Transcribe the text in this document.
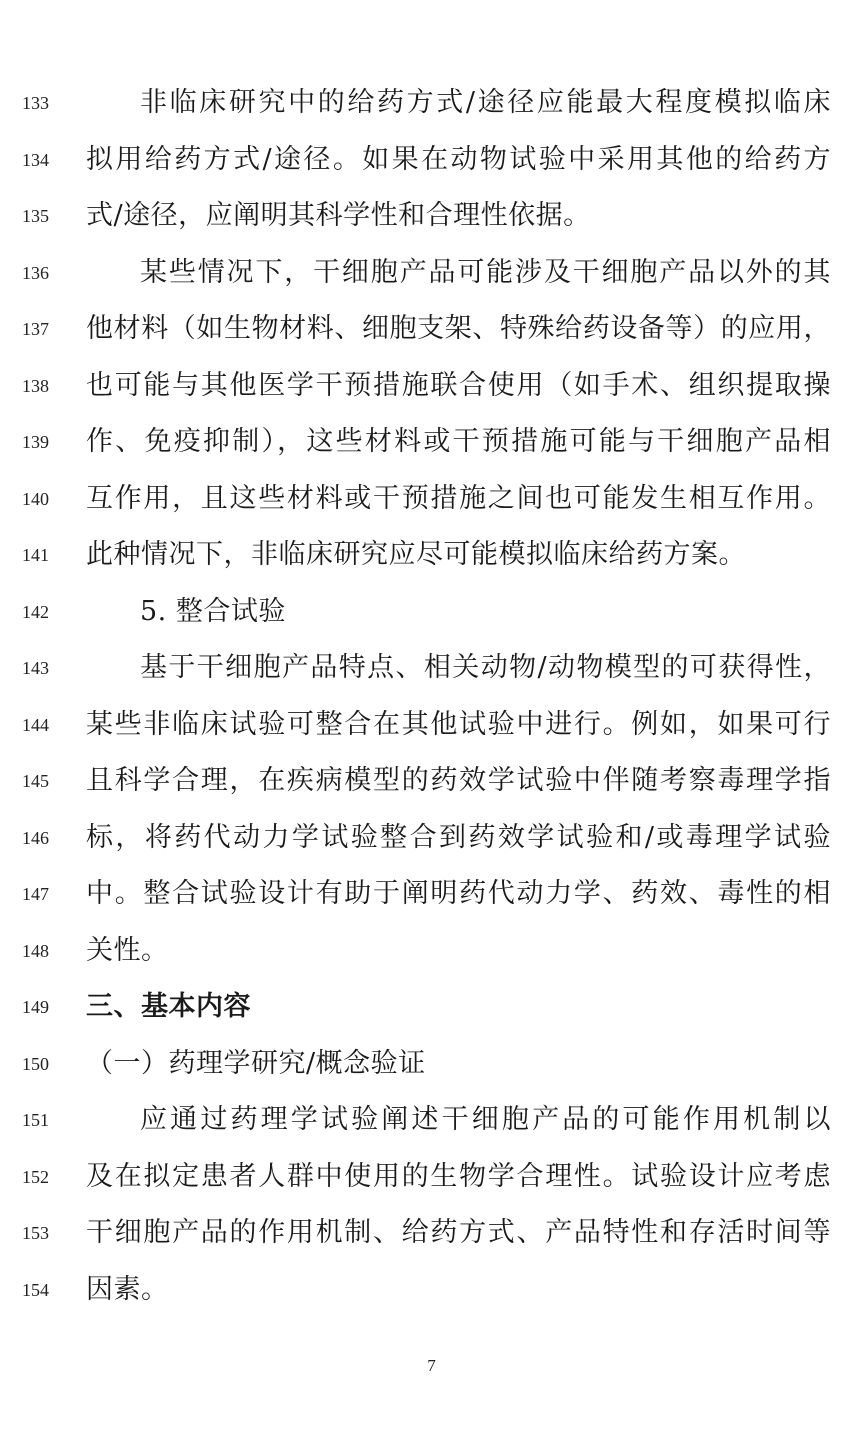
133	非临床研究中的给药方式/途径应能最大程度模拟临床
134 拟用给药方式/途径。如果在动物试验中采用其他的给药方
135 式/途径，应阐明其科学性和合理性依据。
136	某些情况下，干细胞产品可能涉及干细胞产品以外的其
137 他材料（如生物材料、细胞支架、特殊给药设备等）的应用，
138 也可能与其他医学干预措施联合使用（如手术、组织提取操
139 作、免疫抑制），这些材料或干预措施可能与干细胞产品相
140 互作用，且这些材料或干预措施之间也可能发生相互作用。
141 此种情况下，非临床研究应尽可能模拟临床给药方案。
142	5. 整合试验
143	基于干细胞产品特点、相关动物/动物模型的可获得性，
144 某些非临床试验可整合在其他试验中进行。例如，如果可行
145 且科学合理，在疾病模型的药效学试验中伴随考察毒理学指
146 标，将药代动力学试验整合到药效学试验和/或毒理学试验
147 中。整合试验设计有助于阐明药代动力学、药效、毒性的相
148 关性。
149 三、基本内容
150 （一）药理学研究/概念验证
151	应通过药理学试验阐述干细胞产品的可能作用机制以
152 及在拟定患者人群中使用的生物学合理性。试验设计应考虑
153 干细胞产品的作用机制、给药方式、产品特性和存活时间等
154 因素。
7
